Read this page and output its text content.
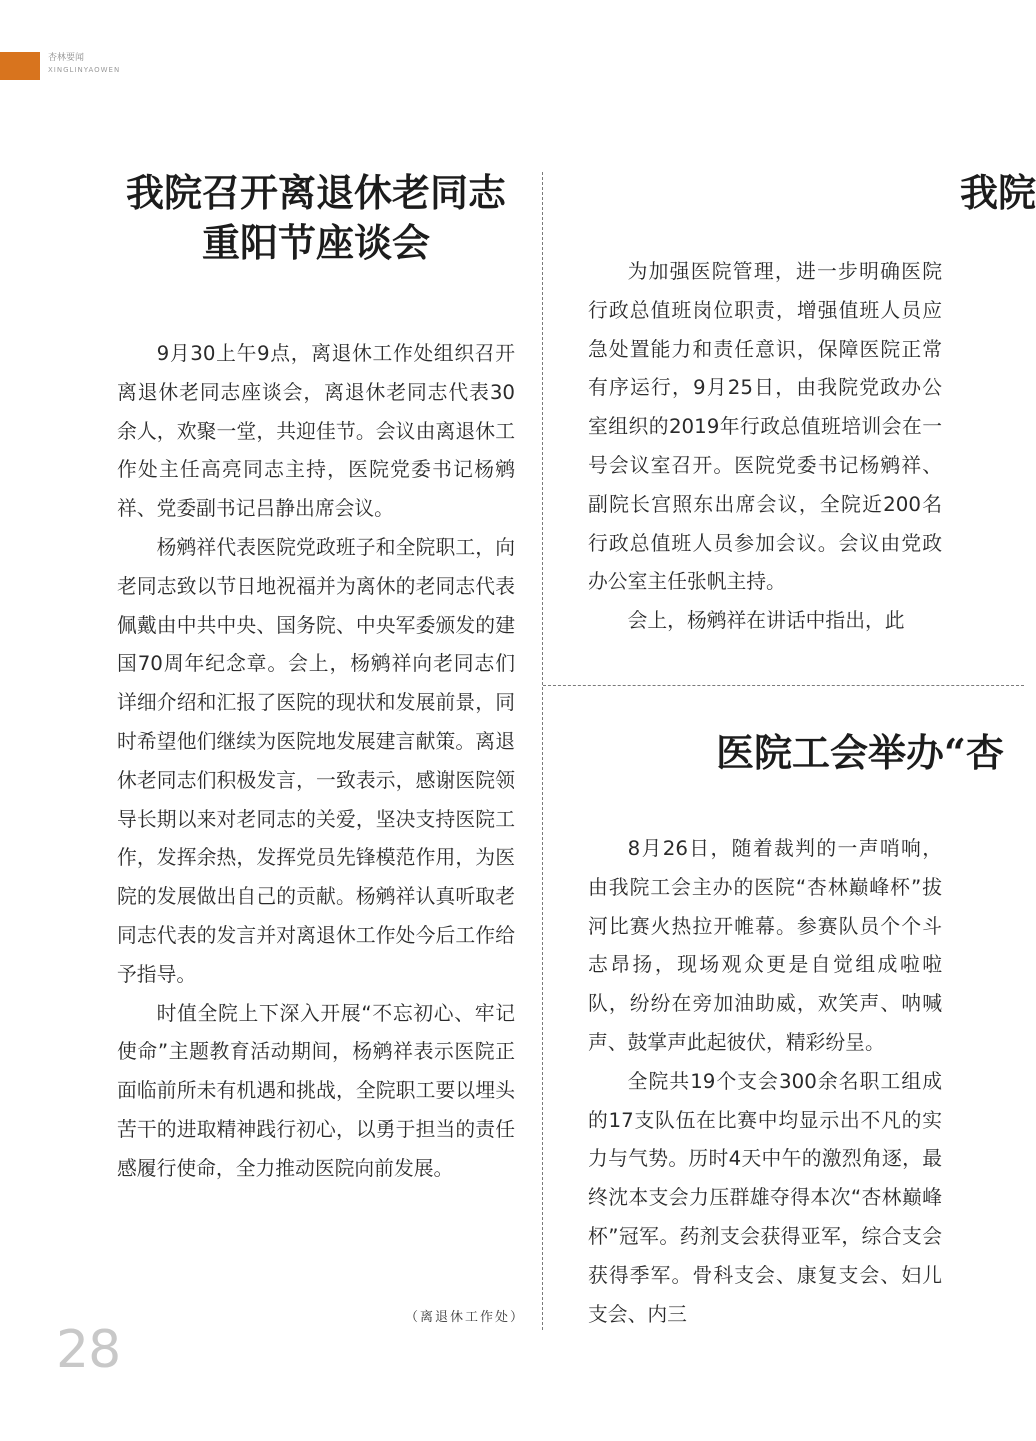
杏林要闻
XINGLINYAOWEN
我院召开离退休老同志
重阳节座谈会

9月30上午9点，离退休工作处组织召开离退休老同志座谈会，离退休老同志代表30余人，欢聚一堂，共迎佳节。会议由离退休工作处主任高亮同志主持，医院党委书记杨鹓祥、党委副书记吕静出席会议。

杨鹓祥代表医院党政班子和全院职工，向老同志致以节日地祝福并为离休的老同志代表佩戴由中共中央、国务院、中央军委颁发的建国70周年纪念章。会上，杨鹓祥向老同志们详细介绍和汇报了医院的现状和发展前景，同时希望他们继续为医院地发展建言献策。离退休老同志们积极发言，一致表示，感谢医院领导长期以来对老同志的关爱，坚决支持医院工作，发挥余热，发挥党员先锋模范作用，为医院的发展做出自己的贡献。杨鹓祥认真听取老同志代表的发言并对离退休工作处今后工作给予指导。

时值全院上下深入开展“不忘初心、牢记使命”主题教育活动期间，杨鹓祥表示医院正面临前所未有机遇和挑战，全院职工要以埋头苦干的进取精神践行初心，以勇于担当的责任感履行使命，全力推动医院向前发展。

（离退休工作处）

我院

为加强医院管理，进一步明确医院行政总值班岗位职责，增强值班人员应急处置能力和责任意识，保障医院正常有序运行，9月25日，由我院党政办公室组织的2019年行政总值班培训会在一号会议室召开。医院党委书记杨鹓祥、副院长宫照东出席会议，全院近200名行政总值班人员参加会议。会议由党政办公室主任张帆主持。

会上，杨鹓祥在讲话中指出，此

医院工会举办“杏

8月26日，随着裁判的一声哨响，由我院工会主办的医院“杏林巅峰杯”拔河比赛火热拉开帷幕。参赛队员个个斗志昂扬，现场观众更是自觉组成啦啦队，纷纷在旁加油助威，欢笑声、呐喊声、鼓掌声此起彼伏，精彩纷呈。

全院共19个支会300余名职工组成的17支队伍在比赛中均显示出不凡的实力与气势。历时4天中午的激烈角逐，最终沈本支会力压群雄夺得本次“杏林巅峰杯”冠军。药剂支会获得亚军，综合支会获得季军。骨科支会、康复支会、妇儿支会、内三

28
